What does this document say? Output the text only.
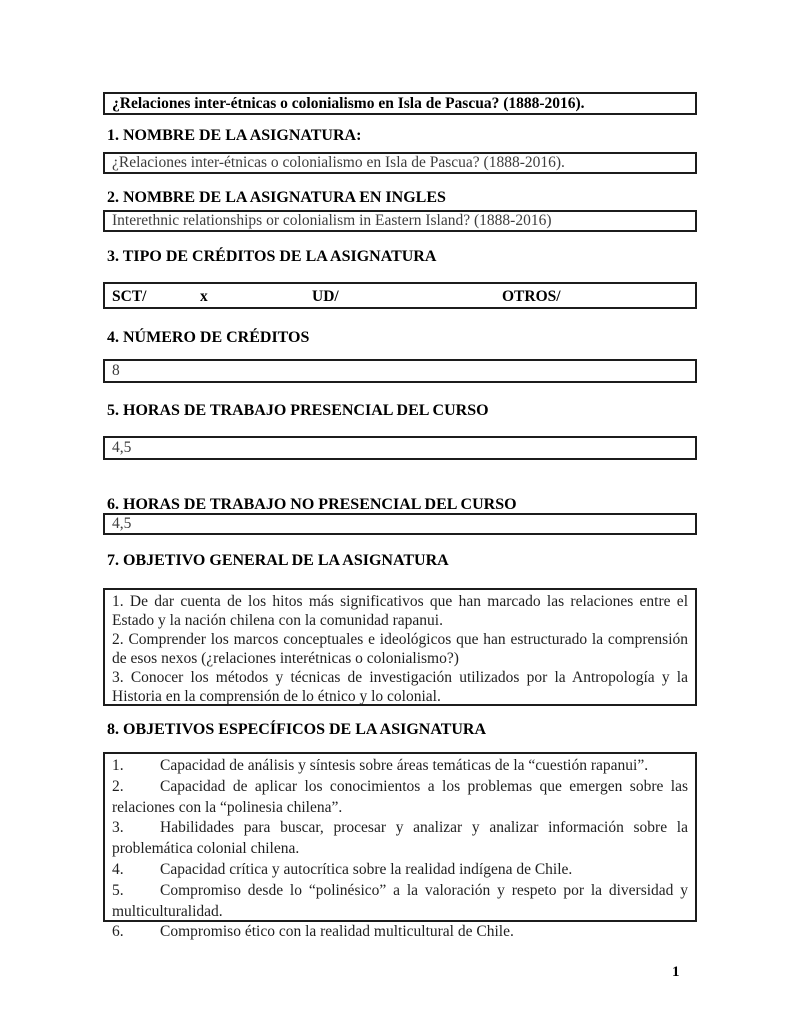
¿Relaciones inter-étnicas o colonialismo en Isla de Pascua? (1888-2016).
1. NOMBRE DE LA ASIGNATURA:
¿Relaciones inter-étnicas o colonialismo en Isla de Pascua? (1888-2016).
2. NOMBRE DE LA ASIGNATURA EN INGLES
Interethnic relationships or colonialism in Eastern Island? (1888-2016)
3. TIPO DE CRÉDITOS DE LA ASIGNATURA
SCT/	x	UD/	OTROS/
4. NÚMERO DE CRÉDITOS
8
5. HORAS DE TRABAJO PRESENCIAL DEL CURSO
4,5
6. HORAS DE TRABAJO NO PRESENCIAL DEL CURSO
4,5
7. OBJETIVO GENERAL DE LA ASIGNATURA

1. De dar cuenta de los hitos más significativos que han marcado las relaciones entre el Estado y la nación chilena con la comunidad rapanui.

2. Comprender los marcos conceptuales e ideológicos que han estructurado la comprensión de esos nexos (¿relaciones interétnicas o colonialismo?)

3. Conocer los métodos y técnicas de investigación utilizados por la Antropología y la Historia en la comprensión de lo étnico y lo colonial.

8. OBJETIVOS ESPECÍFICOS DE LA ASIGNATURA

1. Capacidad de análisis y síntesis sobre áreas temáticas de la “cuestión rapanui”.

2. Capacidad de aplicar los conocimientos a los problemas que emergen sobre las relaciones con la “polinesia chilena”.

3. Habilidades para buscar, procesar y analizar y analizar información sobre la problemática colonial chilena.

4. Capacidad crítica y autocrítica sobre la realidad indígena de Chile.

5. Compromiso desde lo “polinésico” a la valoración y respeto por la diversidad y multiculturalidad.

6. Compromiso ético con la realidad multicultural de Chile.

1
